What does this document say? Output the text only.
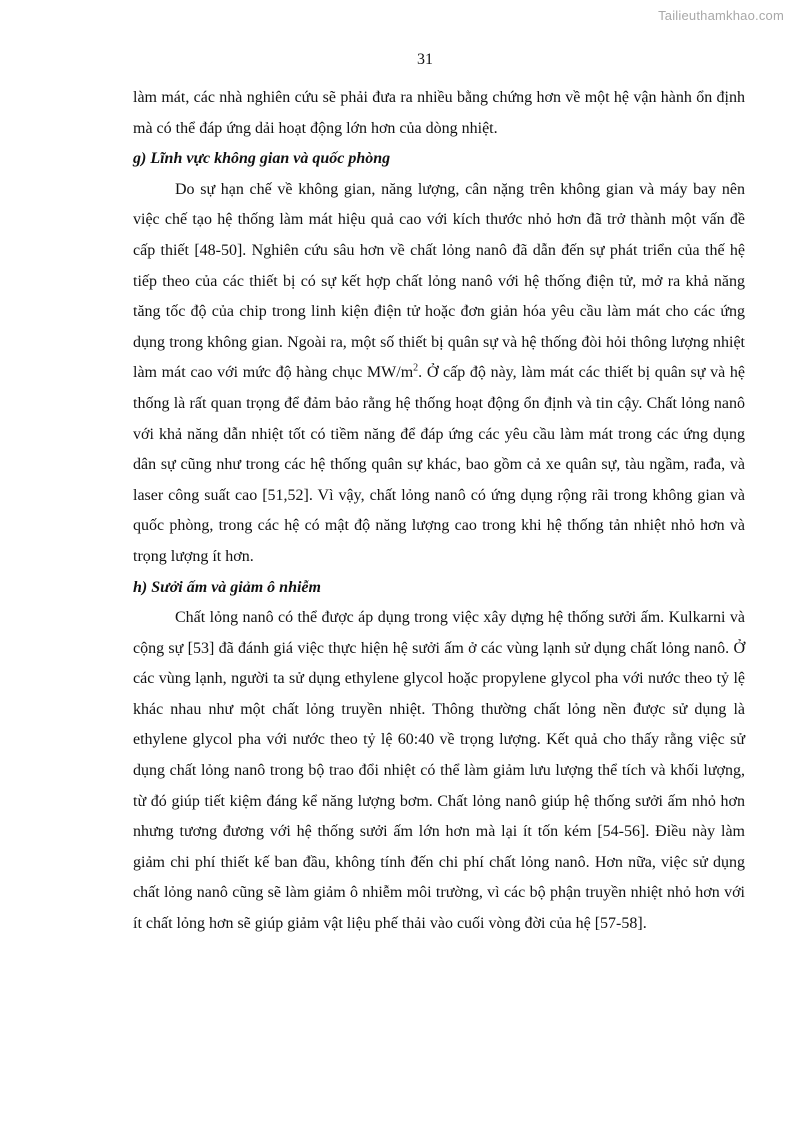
Tailieuthamkhao.com
31

làm mát, các nhà nghiên cứu sẽ phải đưa ra nhiều bằng chứng hơn về một hệ vận hành ổn định mà có thể đáp ứng dải hoạt động lớn hơn của dòng nhiệt.

g) Lĩnh vực không gian và quốc phòng

Do sự hạn chế về không gian, năng lượng, cân nặng trên không gian và máy bay nên việc chế tạo hệ thống làm mát hiệu quả cao với kích thước nhỏ hơn đã trở thành một vấn đề cấp thiết [48-50]. Nghiên cứu sâu hơn về chất lỏng nanô đã dẫn đến sự phát triển của thế hệ tiếp theo của các thiết bị có sự kết hợp chất lỏng nanô với hệ thống điện tử, mở ra khả năng tăng tốc độ của chip trong linh kiện điện tử hoặc đơn giản hóa yêu cầu làm mát cho các ứng dụng trong không gian. Ngoài ra, một số thiết bị quân sự và hệ thống đòi hỏi thông lượng nhiệt làm mát cao với mức độ hàng chục $MW/m^2$. Ở cấp độ này, làm mát các thiết bị quân sự và hệ thống là rất quan trọng để đảm bảo rằng hệ thống hoạt động ổn định và tin cậy. Chất lỏng nanô với khả năng dẫn nhiệt tốt có tiềm năng để đáp ứng các yêu cầu làm mát trong các ứng dụng dân sự cũng như trong các hệ thống quân sự khác, bao gồm cả xe quân sự, tàu ngầm, rađa, và laser công suất cao [51,52]. Vì vậy, chất lỏng nanô có ứng dụng rộng rãi trong không gian và quốc phòng, trong các hệ có mật độ năng lượng cao trong khi hệ thống tản nhiệt nhỏ hơn và trọng lượng ít hơn.

h) Sưởi ấm và giảm ô nhiễm

Chất lỏng nanô có thể được áp dụng trong việc xây dựng hệ thống sưởi ấm. Kulkarni và cộng sự [53] đã đánh giá việc thực hiện hệ sưởi ấm ở các vùng lạnh sử dụng chất lỏng nanô. Ở các vùng lạnh, người ta sử dụng ethylene glycol hoặc propylene glycol pha với nước theo tỷ lệ khác nhau như một chất lỏng truyền nhiệt. Thông thường chất lỏng nền được sử dụng là ethylene glycol pha với nước theo tỷ lệ 60:40 về trọng lượng. Kết quả cho thấy rằng việc sử dụng chất lỏng nanô trong bộ trao đổi nhiệt có thể làm giảm lưu lượng thể tích và khối lượng, từ đó giúp tiết kiệm đáng kể năng lượng bơm. Chất lỏng nanô giúp hệ thống sưởi ấm nhỏ hơn nhưng tương đương với hệ thống sưởi ấm lớn hơn mà lại ít tốn kém [54-56]. Điều này làm giảm chi phí thiết kế ban đầu, không tính đến chi phí chất lỏng nanô. Hơn nữa, việc sử dụng chất lỏng nanô cũng sẽ làm giảm ô nhiễm môi trường, vì các bộ phận truyền nhiệt nhỏ hơn với ít chất lỏng hơn sẽ giúp giảm vật liệu phế thải vào cuối vòng đời của hệ [57-58].
